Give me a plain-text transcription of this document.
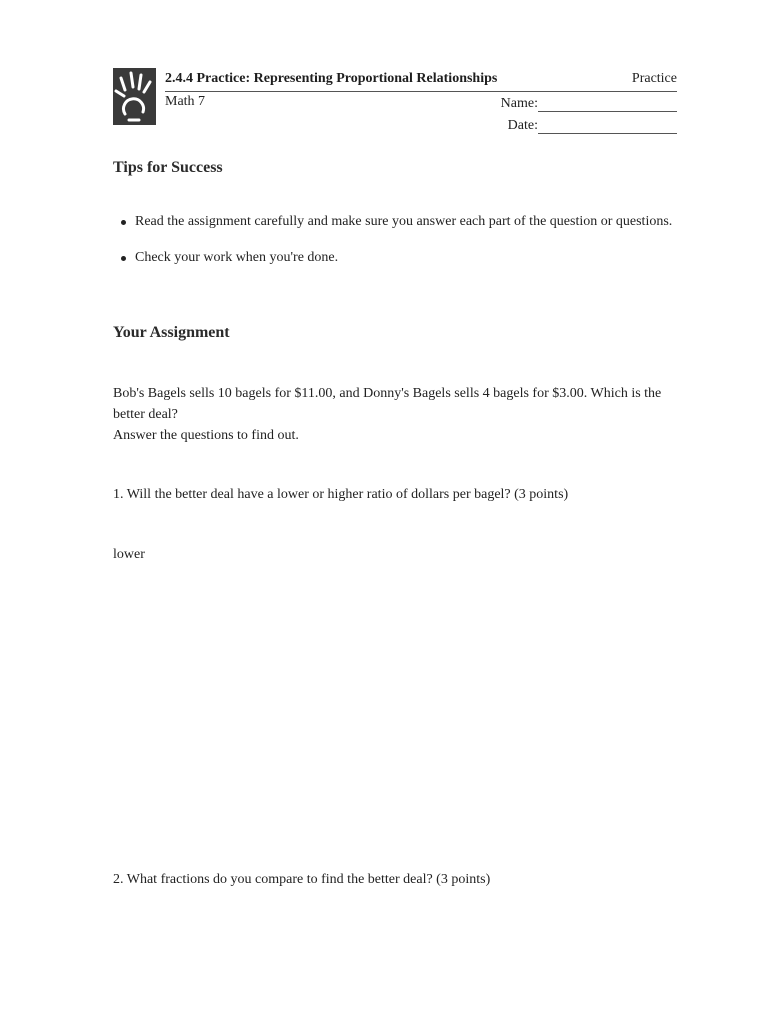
2.4.4 Practice: Representing Proportional Relationships	Practice
Math 7	Name:
Date:
Tips for Success
Read the assignment carefully and make sure you answer each part of the question or questions.
Check your work when you're done.
Your Assignment
Bob's Bagels sells 10 bagels for $11.00, and Donny's Bagels sells 4 bagels for $3.00. Which is the better deal?
Answer the questions to find out.

1. Will the better deal have a lower or higher ratio of dollars per bagel? (3 points)

lower

2. What fractions do you compare to find the better deal? (3 points)
